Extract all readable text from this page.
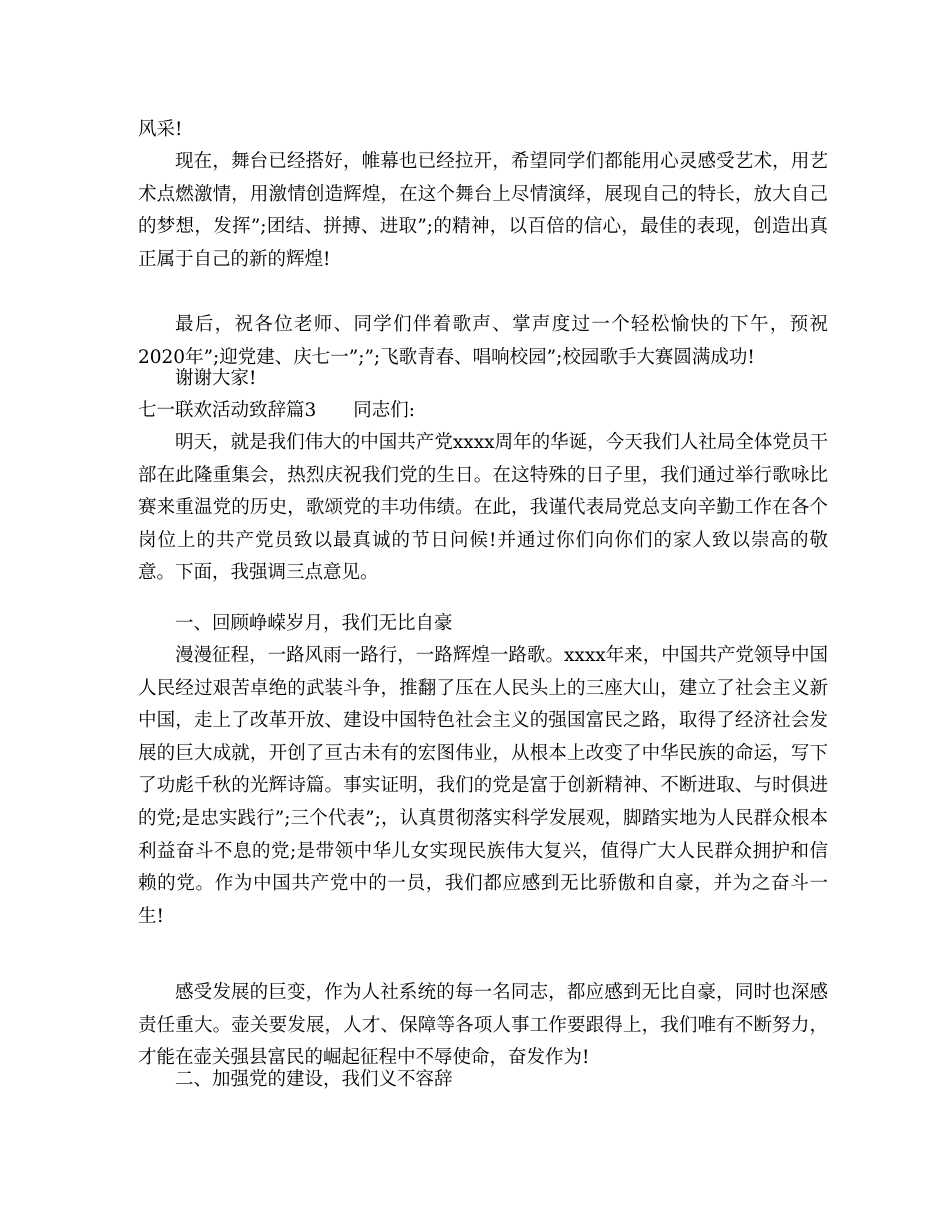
风采!

现在，舞台已经搭好，帷幕也已经拉开，希望同学们都能用心灵感受艺术，用艺术点燃激情，用激情创造辉煌，在这个舞台上尽情演绎，展现自己的特长，放大自己的梦想，发挥”;团结、拼搏、进取”;的精神，以百倍的信心，最佳的表现，创造出真正属于自己的新的辉煌!

最后，祝各位老师、同学们伴着歌声、掌声度过一个轻松愉快的下午，预祝2020年”;迎党建、庆七一”;”;飞歌青春、唱响校园”;校园歌手大赛圆满成功!

谢谢大家!

七一联欢活动致辞篇3　　同志们:

明天，就是我们伟大的中国共产党xxxx周年的华诞，今天我们人社局全体党员干部在此隆重集会，热烈庆祝我们党的生日。在这特殊的日子里，我们通过举行歌咏比赛来重温党的历史，歌颂党的丰功伟绩。在此，我谨代表局党总支向辛勤工作在各个岗位上的共产党员致以最真诚的节日问候!并通过你们向你们的家人致以崇高的敬意。下面，我强调三点意见。

一、回顾峥嵘岁月，我们无比自豪

漫漫征程，一路风雨一路行，一路辉煌一路歌。xxxx年来，中国共产党领导中国人民经过艰苦卓绝的武装斗争，推翻了压在人民头上的三座大山，建立了社会主义新中国，走上了改革开放、建设中国特色社会主义的强国富民之路，取得了经济社会发展的巨大成就，开创了亘古未有的宏图伟业，从根本上改变了中华民族的命运，写下了功彪千秋的光辉诗篇。事实证明，我们的党是富于创新精神、不断进取、与时俱进的党;是忠实践行”;三个代表”;，认真贯彻落实科学发展观，脚踏实地为人民群众根本利益奋斗不息的党;是带领中华儿女实现民族伟大复兴，值得广大人民群众拥护和信赖的党。作为中国共产党中的一员，我们都应感到无比骄傲和自豪，并为之奋斗一生!

感受发展的巨变，作为人社系统的每一名同志，都应感到无比自豪，同时也深感责任重大。壶关要发展，人才、保障等各项人事工作要跟得上，我们唯有不断努力，才能在壶关强县富民的崛起征程中不辱使命，奋发作为!

二、加强党的建设，我们义不容辞
